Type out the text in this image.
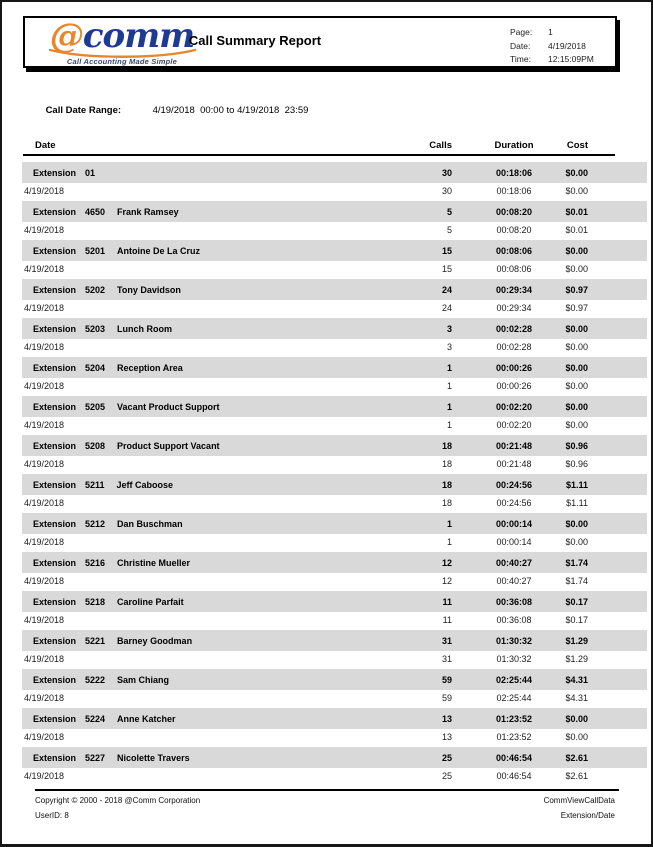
@comm
Call Accounting Made Simple
Call Summary Report
Page:	1
Date:	4/19/2018
Time:	12:15:09PM

Call Date Range:	4/19/2018  00:00 to 4/19/2018  23:59

Date	Calls	Duration	Cost
Extension 01	30	00:18:06	$0.00
4/19/2018	30	00:18:06	$0.00
Extension 4650 Frank Ramsey	5	00:08:20	$0.01
4/19/2018	5	00:08:20	$0.01
Extension 5201 Antoine De La Cruz	15	00:08:06	$0.00
4/19/2018	15	00:08:06	$0.00
Extension 5202 Tony Davidson	24	00:29:34	$0.97
4/19/2018	24	00:29:34	$0.97
Extension 5203 Lunch Room	3	00:02:28	$0.00
4/19/2018	3	00:02:28	$0.00
Extension 5204 Reception Area	1	00:00:26	$0.00
4/19/2018	1	00:00:26	$0.00
Extension 5205 Vacant Product Support	1	00:02:20	$0.00
4/19/2018	1	00:02:20	$0.00
Extension 5208 Product Support Vacant	18	00:21:48	$0.96
4/19/2018	18	00:21:48	$0.96
Extension 5211 Jeff Caboose	18	00:24:56	$1.11
4/19/2018	18	00:24:56	$1.11
Extension 5212 Dan Buschman	1	00:00:14	$0.00
4/19/2018	1	00:00:14	$0.00
Extension 5216 Christine Mueller	12	00:40:27	$1.74
4/19/2018	12	00:40:27	$1.74
Extension 5218 Caroline Parfait	11	00:36:08	$0.17
4/19/2018	11	00:36:08	$0.17
Extension 5221 Barney Goodman	31	01:30:32	$1.29
4/19/2018	31	01:30:32	$1.29
Extension 5222 Sam Chiang	59	02:25:44	$4.31
4/19/2018	59	02:25:44	$4.31
Extension 5224 Anne Katcher	13	01:23:52	$0.00
4/19/2018	13	01:23:52	$0.00
Extension 5227 Nicolette Travers	25	00:46:54	$2.61
4/19/2018	25	00:46:54	$2.61
Copyright © 2000 - 2018 @Comm Corporation
UserID: 8
CommViewCallData
Extension/Date
